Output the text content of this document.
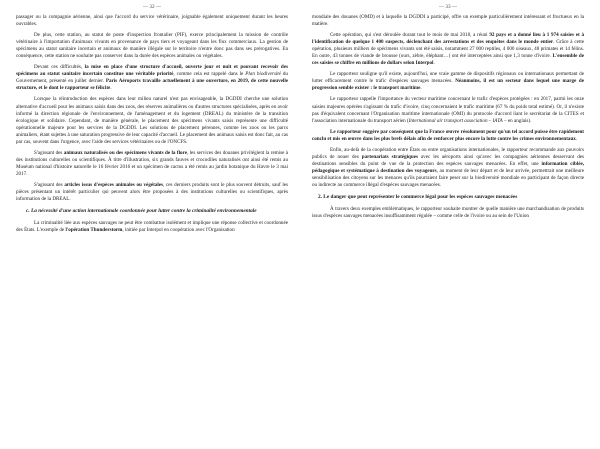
— 32 —

passager ou la compagnie aérienne, ainsi que l'accord du service vétérinaire, joignable également uniquement durant les heures ouvrables.

De plus, cette station, au statut de poste d'inspection frontalier (PIF), exerce principalement la mission de contrôle vétérinaire à l'importation d'animaux vivants en provenance de pays tiers et voyageant dans les flux commerciaux. La gestion de spécimens au statut sanitaire incertain et animaux de manière illégale sur le territoire n'entre donc pas dans ses prérogatives. En conséquence, cette station ne souhaite pas conserver dans la durée des espèces animales ou végétales.

Devant ces difficultés, la mise en place d'une structure d'accueil, ouverte jour et nuit et pouvant recevoir des spécimens au statut sanitaire incertain constitue une véritable priorité, comme cela est rappelé dans le Plan biodiversité du Gouvernement, présenté en juillet dernier. Paris Aéroports travaille actuellement à une ouverture, en 2019, de cette nouvelle structure, et le dont le rapporteur se félicite.

Lorsque la réintroduction des espèces dans leur milieu naturel n'est pas envisageable, la DGDDI cherche une solution alternative d'accueil pour les animaux saisis dans des zoos, des réserves animalières ou d'autres structures spécialisées, après en avoir informé la direction régionale de l'environnement, de l'aménagement et du logement (DREAL) du ministère de la transition écologique et solidaire. Cependant, de manière générale, le placement des spécimens vivants saisis représente une difficulté opérationnelle majeure pour les services de la DGDDI. Les solutions de placement pérennes, comme les zoos ou les parcs animaliers, étant sujettes à une saturation progressive de leur capacité d'accueil. Le placement des animaux saisis est donc fait, au cas par cas, souvent dans l'urgence, avec l'aide des services vétérinaires ou de l'ONCFS.

S'agissant des animaux naturalisés ou des spécimens vivants de la flore, les services des douanes privilégient la remise à des institutions culturelles ou scientifiques. À titre d'illustration, six grands fauves et crocodiles naturalisés ont ainsi été remis au Muséum national d'histoire naturelle le 16 février 2016 et un spécimen de cactus a été remis au jardin botanique du Havre le 3 mai 2017.

S'agissant des articles issus d'espèces animales ou végétales, ces derniers produits sont le plus souvent détruits, sauf les pièces présentant un intérêt particulier qui peuvent alors être proposées à des institutions culturelles ou scientifiques, après information de la DREAL.

c. La nécessité d'une action internationale coordonnée pour lutter contre la criminalité environnementale

La criminalité liée aux espèces sauvages ne peut être combattue isolément et implique une réponse collective et coordonnée des États. L'exemple de l'opération Thunderstorm, initiée par Interpol en coopération avec l'Organisation

— 33 —

mondiale des douanes (OMD) et à laquelle la DGDDI a participé, offre un exemple particulièrement intéressant et fructueux en la matière.

Cette opération, qui s'est déroulée durant tout le mois de mai 2018, a réuni 92 pays et a donné lieu à 1 974 saisies et à l'identification de quelque 1 400 suspects, déclenchant des arrestations et des enquêtes dans le monde entier. Grâce à cette opération, plusieurs milliers de spécimens vivants ont été saisis, notamment 27 000 reptiles, 4 000 oiseaux, 48 primates et 14 félins. En outre, 43 tonnes de viande de brousse (ours, zèbre, éléphant…) ont été interceptées ainsi que 1,3 tonne d'ivoire. L'ensemble de ces saisies se chiffre en millions de dollars selon Interpol.

Le rapporteur souligne qu'il existe, aujourd'hui, une vraie gamme de dispositifs régionaux ou internationaux permettant de lutter efficacement contre le trafic d'espèces sauvages menacées. Néanmoins, il est un secteur dans lequel une marge de progression semble exister : le transport maritime.

Le rapporteur rappelle l'importance du vecteur maritime concernant le trafic d'espèces protégées : en 2017, parmi les onze saisies majeures opérées s'agissant du trafic d'ivoire, cinq concernaient le trafic maritime (67 % du poids total estimé). Or, il n'existe pas d'équivalent concernant l'Organisation maritime internationale (OMI) du protocole d'accord liant le secrétariat de la CITES et l'association internationale du transport aérien (International air transport association – IATA – en anglais).

Le rapporteur suggère par conséquent que la France œuvre résolument pour qu'un tel accord puisse être rapidement conclu et mis en œuvre dans les plus brefs délais afin de renforcer plus encore la lutte contre les crimes environnementaux.

Enfin, au-delà de la coopération entre États ou entre organisations internationales, le rapporteur recommande aux pouvoirs publics de nouer des partenariats stratégiques avec les aéroports ainsi qu'avec les compagnies aériennes desservant des destinations sensibles du point de vue de la protection des espèces sauvages menacées. En effet, une information ciblée, pédagogique et systématique à destination des voyageurs, au moment de leur départ et de leur arrivée, permettrait une meilleure sensibilisation des citoyens sur les menaces qu'ils pourraient faire peser sur la biodiversité mondiale en participant de façon directe ou indirecte au commerce illégal d'espèces sauvages menacées.

2. Le danger que peut représenter le commerce légal pour les espèces sauvages menacées

À travers deux exemples emblématiques, le rapporteur souhaite montrer de quelle manière une marchandisation de produits issus d'espèces sauvages menacées insuffisamment régulée – comme celle de l'ivoire ou au sein de l'Union
